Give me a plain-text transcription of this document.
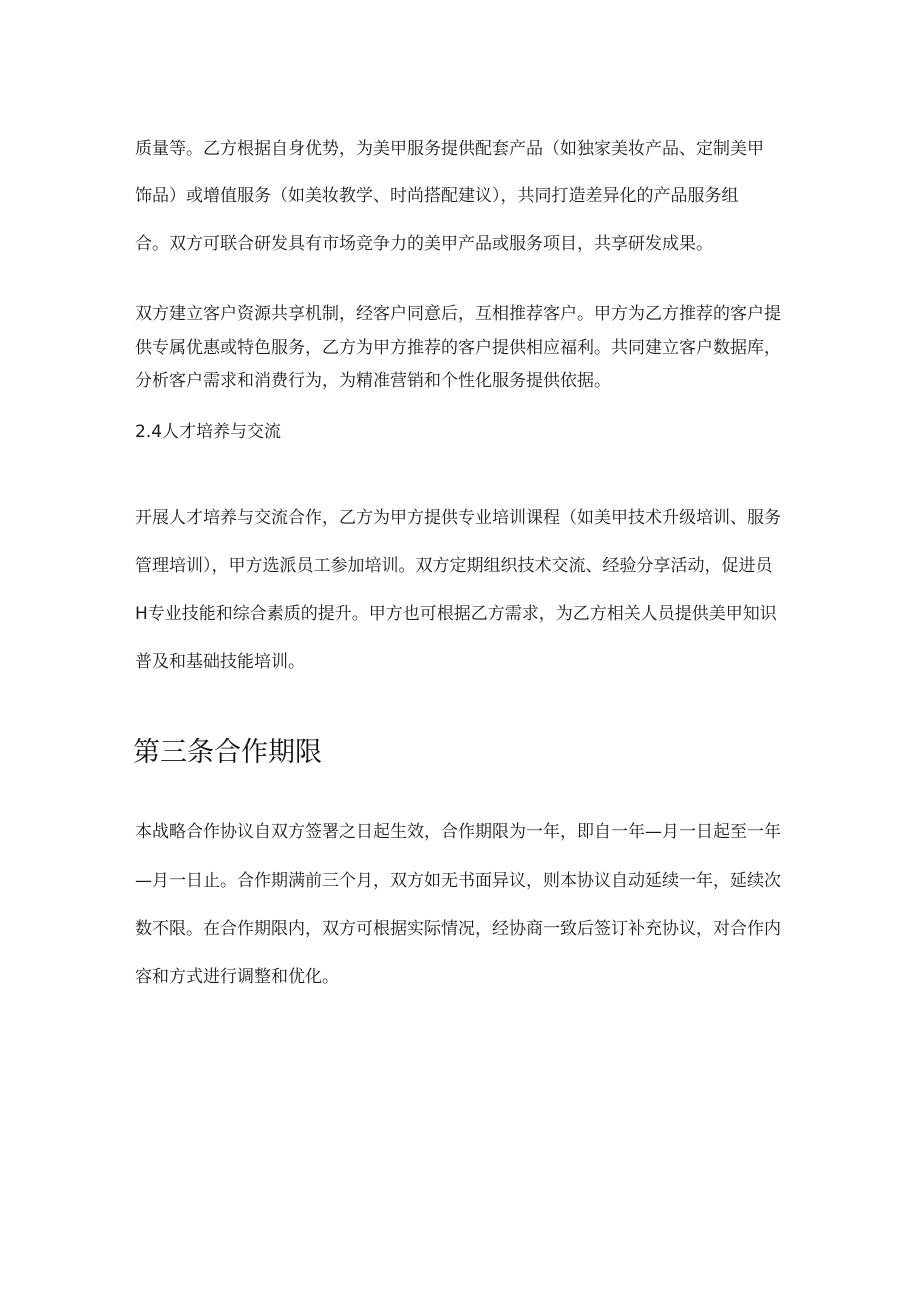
质量等。乙方根据自身优势，为美甲服务提供配套产品（如独家美妆产品、定制美甲
饰品）或增值服务（如美妆教学、时尚搭配建议），共同打造差异化的产品服务组
合。双方可联合研发具有市场竞争力的美甲产品或服务项目，共享研发成果。
双方建立客户资源共享机制，经客户同意后，互相推荐客户。甲方为乙方推荐的客户提
供专属优惠或特色服务，乙方为甲方推荐的客户提供相应福利。共同建立客户数据库，
分析客户需求和消费行为，为精准营销和个性化服务提供依据。
2.4人才培养与交流
开展人才培养与交流合作，乙方为甲方提供专业培训课程（如美甲技术升级培训、服务
管理培训），甲方选派员工参加培训。双方定期组织技术交流、经验分享活动，促进员
H专业技能和综合素质的提升。甲方也可根据乙方需求，为乙方相关人员提供美甲知识
普及和基础技能培训。
第三条合作期限
本战略合作协议自双方签署之日起生效，合作期限为一年，即自一年—月一日起至一年
—月一日止。合作期满前三个月，双方如无书面异议，则本协议自动延续一年，延续次
数不限。在合作期限内，双方可根据实际情况，经协商一致后签订补充协议，对合作内
容和方式进行调整和优化。
